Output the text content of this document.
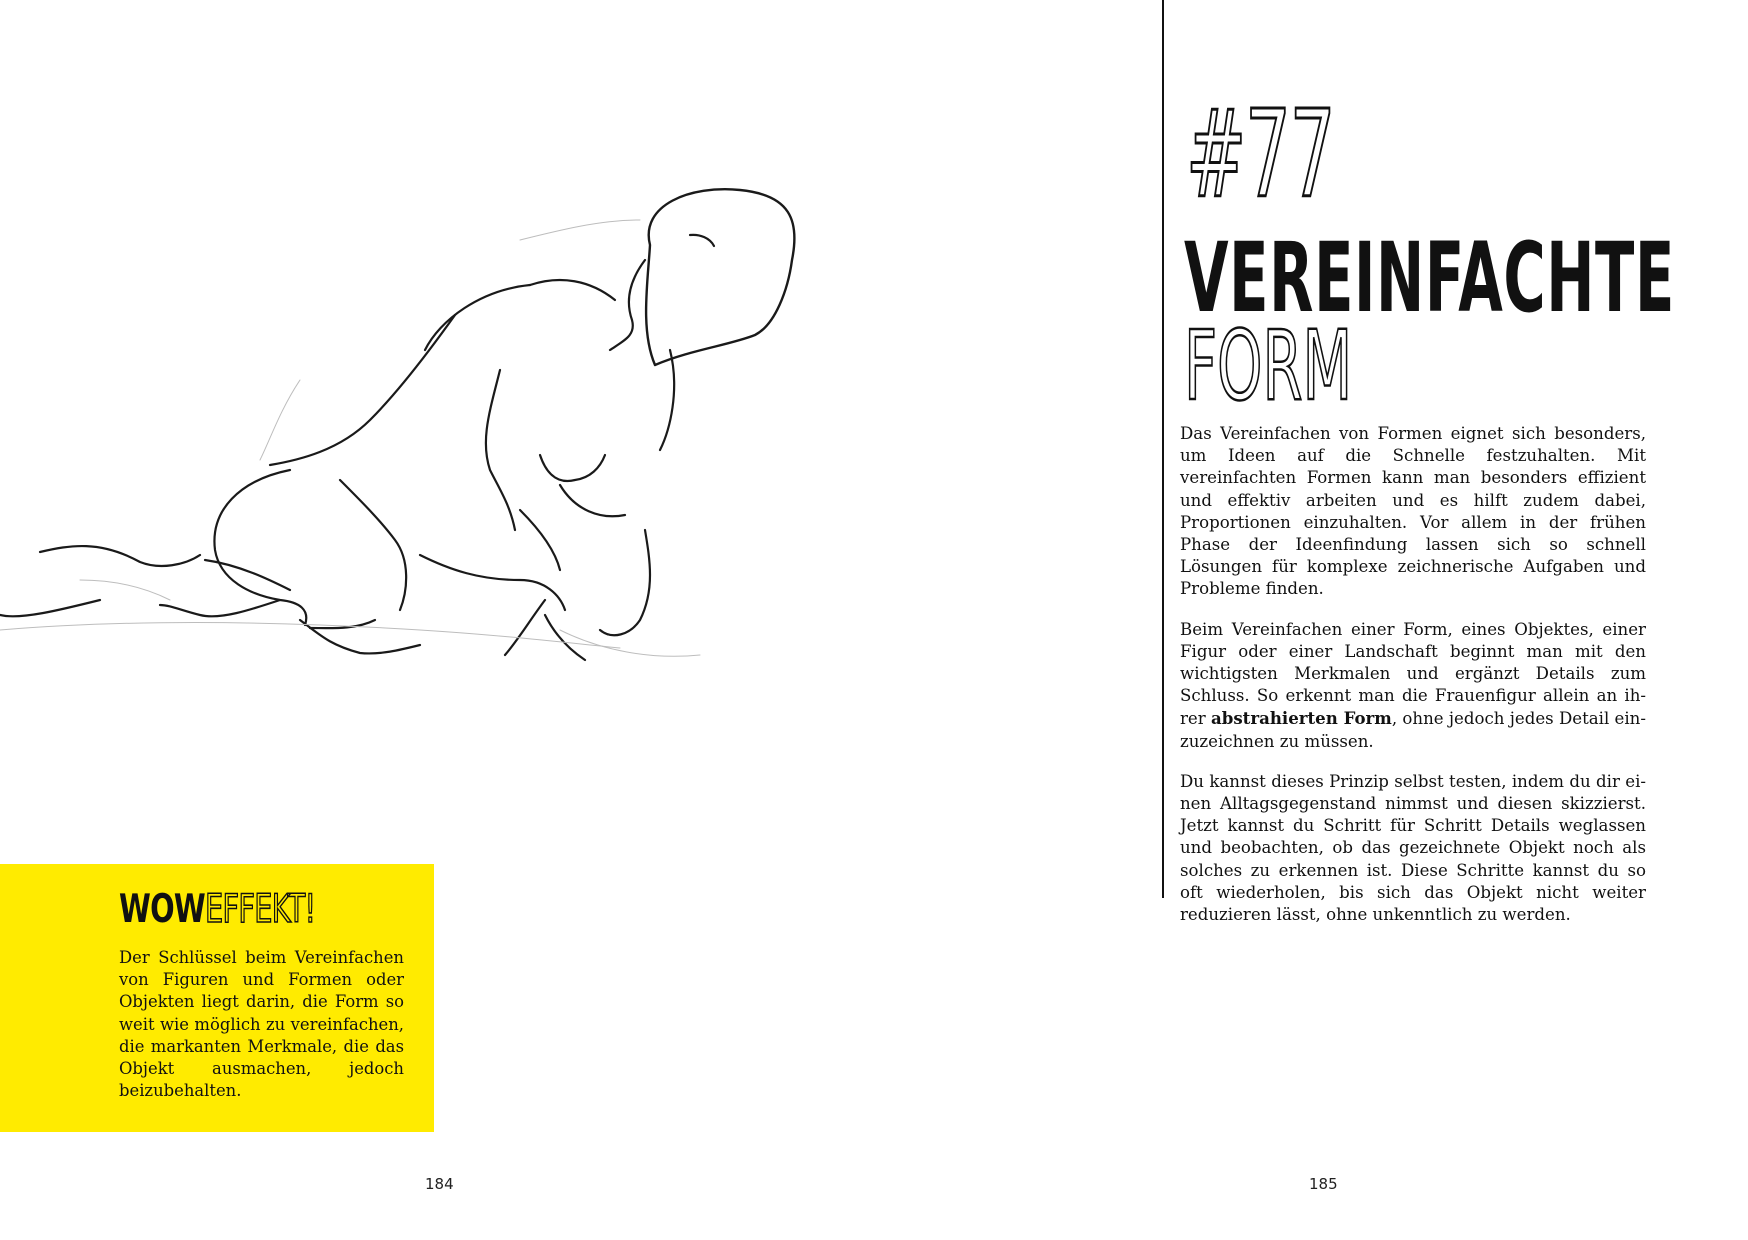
WOWEFFEKT!
Der Schlüssel beim Vereinfachen von Figuren und Formen oder Objekten liegt darin, die Form so weit wie möglich zu vereinfachen, die markanten Merkmale, die das Objekt ausmachen, jedoch beizubehalten.
184
#77
VEREINFACHTE
FORM

Das Vereinfachen von Formen eignet sich besonders, um Ideen auf die Schnelle festzuhalten. Mit vereinfachten Formen kann man besonders effizient und effektiv arbeiten und es hilft zudem dabei, Proportionen einzuhalten. Vor allem in der frühen Phase der Ideenfindung lassen sich so schnell Lösungen für komplexe zeichnerische Aufgaben und Probleme finden.

Beim Vereinfachen einer Form, eines Objektes, einer Figur oder einer Landschaft beginnt man mit den wichtigsten Merkmalen und ergänzt Details zum Schluss. So erkennt man die Frauenfigur allein an ihrer abstrahierten Form, ohne jedoch jedes Detail einzuzeichnen zu müssen.

Du kannst dieses Prinzip selbst testen, indem du dir einen Alltagsgegenstand nimmst und diesen skizzierst. Jetzt kannst du Schritt für Schritt Details weglassen und beobachten, ob das gezeichnete Objekt noch als solches zu erkennen ist. Diese Schritte kannst du so oft wiederholen, bis sich das Objekt nicht weiter reduzieren lässt, ohne unkenntlich zu werden.

185
